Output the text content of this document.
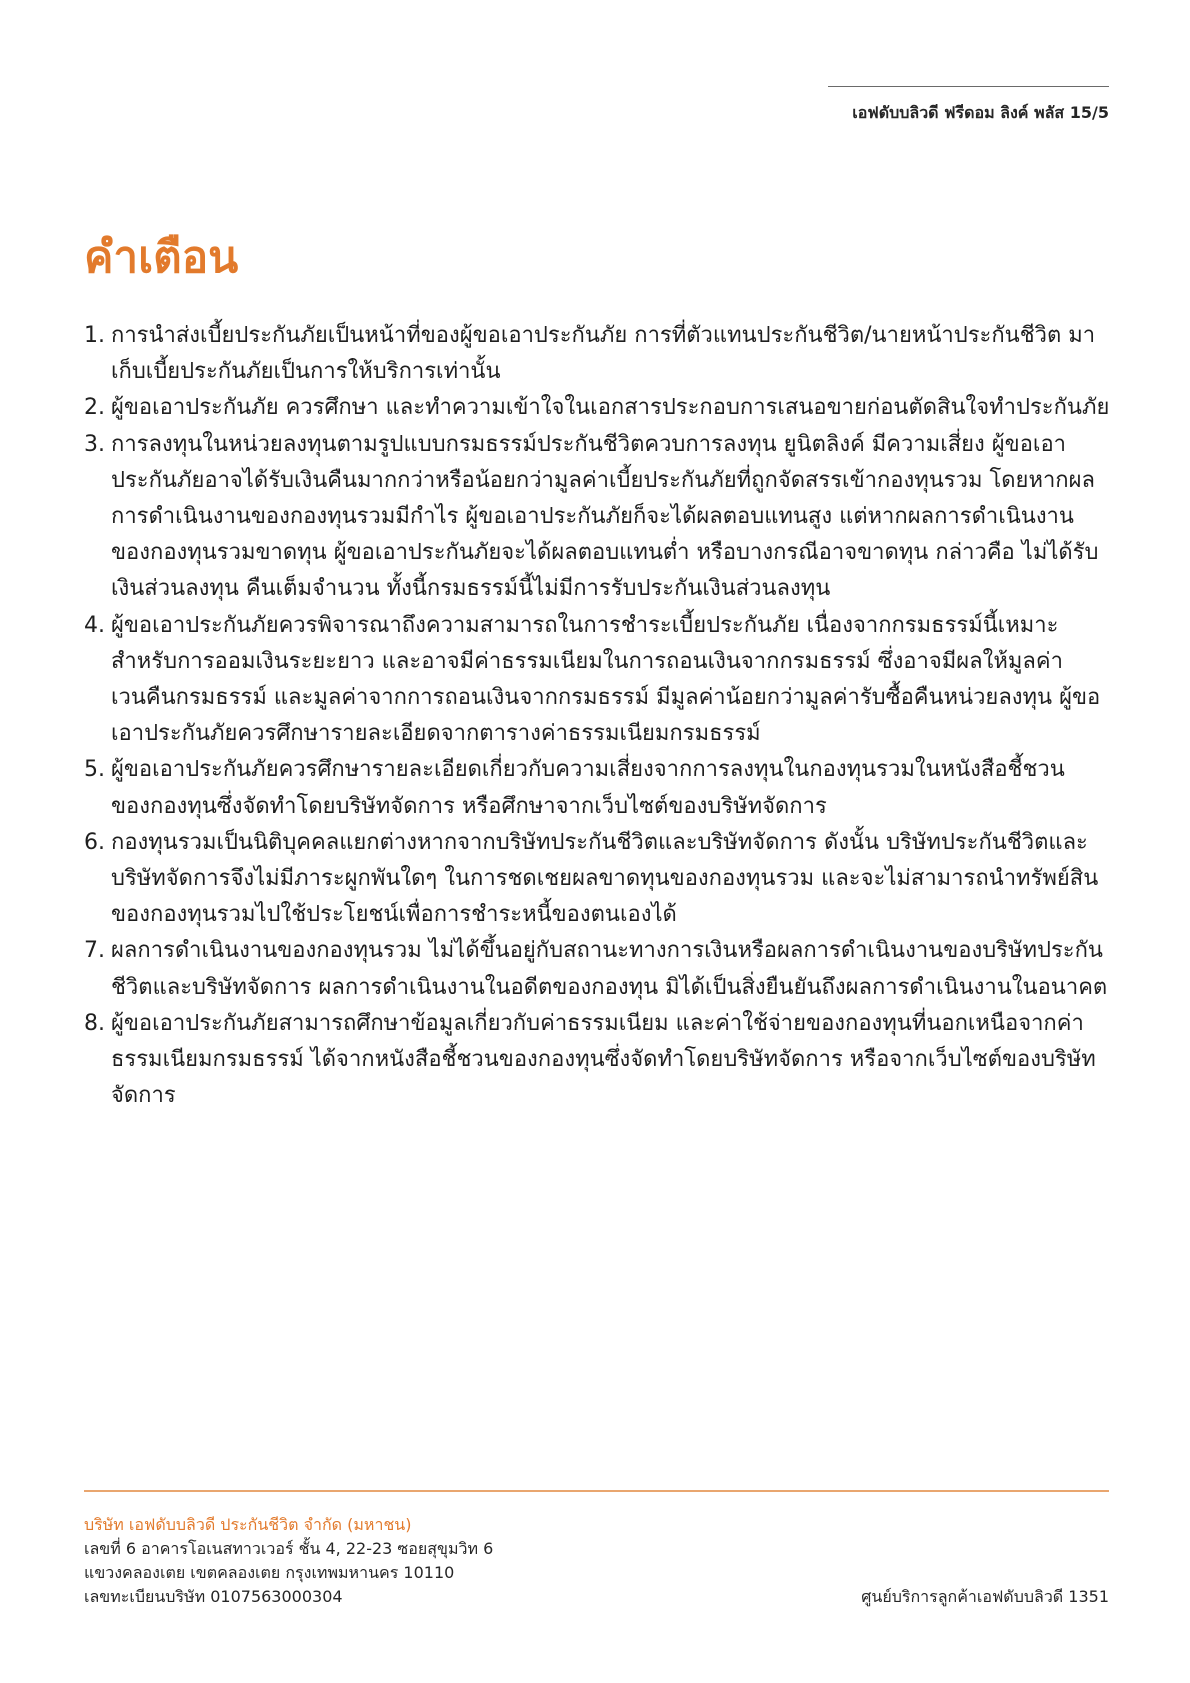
เอฟดับบลิวดี ฟรีดอม ลิงค์ พลัส 15/5
คำเตือน
1. การนำส่งเบี้ยประกันภัยเป็นหน้าที่ของผู้ขอเอาประกันภัย การที่ตัวแทนประกันชีวิต/นายหน้าประกันชีวิต มาเก็บเบี้ยประกันภัยเป็นการให้บริการเท่านั้น
2. ผู้ขอเอาประกันภัย ควรศึกษา และทำความเข้าใจในเอกสารประกอบการเสนอขายก่อนตัดสินใจทำประกันภัย
3. การลงทุนในหน่วยลงทุนตามรูปแบบกรมธรรม์ประกันชีวิตควบการลงทุน ยูนิตลิงค์ มีความเสี่ยง ผู้ขอเอาประกันภัยอาจได้รับเงินคืนมากกว่าหรือน้อยกว่ามูลค่าเบี้ยประกันภัยที่ถูกจัดสรรเข้ากองทุนรวม โดยหากผลการดำเนินงานของกองทุนรวมมีกำไร ผู้ขอเอาประกันภัยก็จะได้ผลตอบแทนสูง แต่หากผลการดำเนินงานของกองทุนรวมขาดทุน ผู้ขอเอาประกันภัยจะได้ผลตอบแทนต่ำ หรือบางกรณีอาจขาดทุน กล่าวคือ ไม่ได้รับเงินส่วนลงทุน คืนเต็มจำนวน ทั้งนี้กรมธรรม์นี้ไม่มีการรับประกันเงินส่วนลงทุน
4. ผู้ขอเอาประกันภัยควรพิจารณาถึงความสามารถในการชำระเบี้ยประกันภัย เนื่องจากกรมธรรม์นี้เหมาะสำหรับการออมเงินระยะยาว และอาจมีค่าธรรมเนียมในการถอนเงินจากกรมธรรม์ ซึ่งอาจมีผลให้มูลค่าเวนคืนกรมธรรม์ และมูลค่าจากการถอนเงินจากกรมธรรม์ มีมูลค่าน้อยกว่ามูลค่ารับซื้อคืนหน่วยลงทุน ผู้ขอเอาประกันภัยควรศึกษารายละเอียดจากตารางค่าธรรมเนียมกรมธรรม์
5. ผู้ขอเอาประกันภัยควรศึกษารายละเอียดเกี่ยวกับความเสี่ยงจากการลงทุนในกองทุนรวมในหนังสือชี้ชวน ของกองทุนซึ่งจัดทำโดยบริษัทจัดการ หรือศึกษาจากเว็บไซต์ของบริษัทจัดการ
6. กองทุนรวมเป็นนิติบุคคลแยกต่างหากจากบริษัทประกันชีวิตและบริษัทจัดการ ดังนั้น บริษัทประกันชีวิตและบริษัทจัดการจึงไม่มีภาระผูกพันใดๆ ในการชดเชยผลขาดทุนของกองทุนรวม และจะไม่สามารถนำทรัพย์สินของกองทุนรวมไปใช้ประโยชน์เพื่อการชำระหนี้ของตนเองได้
7. ผลการดำเนินงานของกองทุนรวม ไม่ได้ขึ้นอยู่กับสถานะทางการเงินหรือผลการดำเนินงานของบริษัทประกันชีวิตและบริษัทจัดการ ผลการดำเนินงานในอดีตของกองทุน มิได้เป็นสิ่งยืนยันถึงผลการดำเนินงานในอนาคต
8. ผู้ขอเอาประกันภัยสามารถศึกษาข้อมูลเกี่ยวกับค่าธรรมเนียม และค่าใช้จ่ายของกองทุนที่นอกเหนือจากค่าธรรมเนียมกรมธรรม์ ได้จากหนังสือชี้ชวนของกองทุนซึ่งจัดทำโดยบริษัทจัดการ หรือจากเว็บไซต์ของบริษัทจัดการ
บริษัท เอฟดับบลิวดี ประกันชีวิต จำกัด (มหาชน)
เลขที่ 6 อาคารโอเนสทาวเวอร์ ชั้น 4, 22-23 ซอยสุขุมวิท 6
แขวงคลองเตย เขตคลองเตย กรุงเทพมหานคร 10110
เลขทะเบียนบริษัท 0107563000304	ศูนย์บริการลูกค้าเอฟดับบลิวดี 1351
